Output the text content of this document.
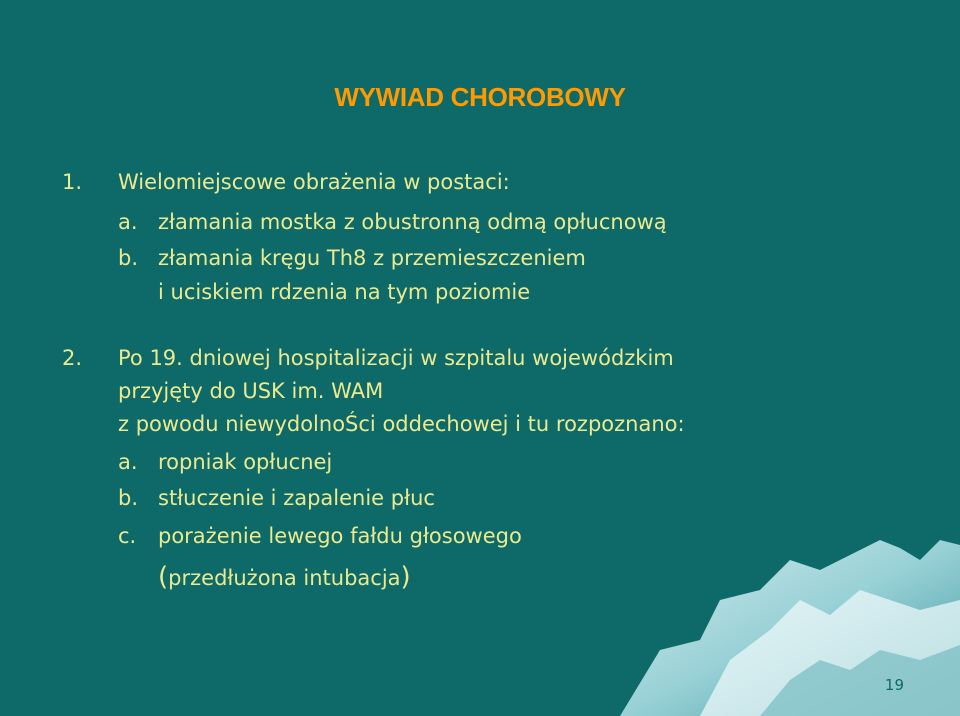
WYWIAD CHOROBOWY
1. Wielomiejscowe obrażenia w postaci:
a. złamania mostka z obustronną odmą opłucnową
b. złamania kręgu Th8 z przemieszczeniem
i uciskiem rdzenia na tym poziomie
2. Po 19. dniowej hospitalizacji w szpitalu wojewódzkim
przyjęty do USK im. WAM
z powodu niewydolnoŚci oddechowej i tu rozpoznano:
a. ropniak opłucnej
b. stłuczenie i zapalenie płuc
c. porażenie lewego fałdu głosowego
(przedłużona intubacja)
19
